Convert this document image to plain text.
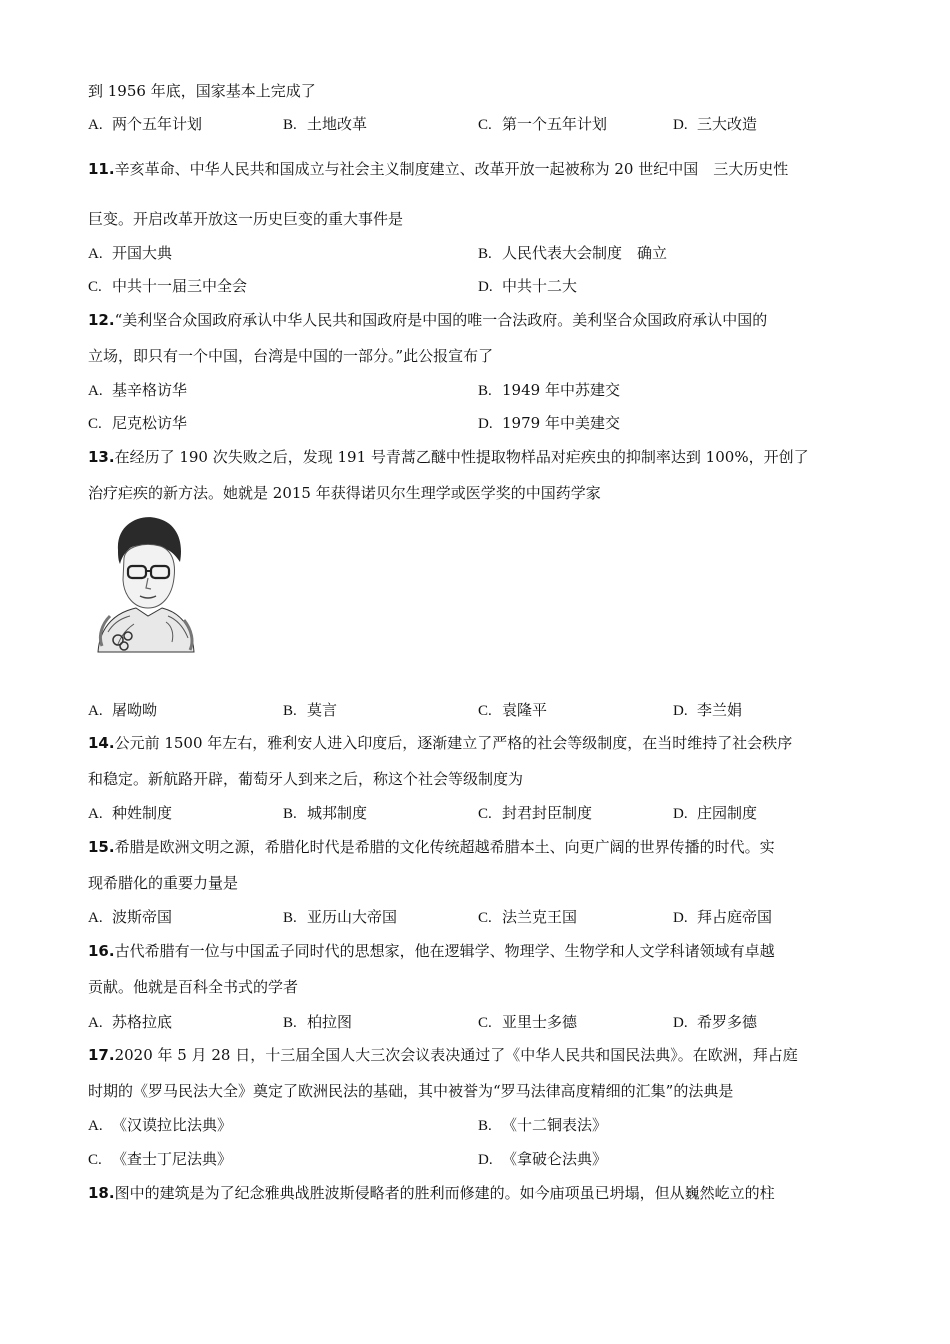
到 1956 年底，国家基本上完成了
A. 两个五年计划	B. 土地改革	C. 第一个五年计划	D. 三大改造
11.辛亥革命、中华人民共和国成立与社会主义制度建立、改革开放一起被称为 20 世纪中国　三大历史性
巨变。开启改革开放这一历史巨变的重大事件是
A. 开国大典	B. 人民代表大会制度　确立
C. 中共十一届三中全会	D. 中共十二大
12.“美利坚合众国政府承认中华人民共和国政府是中国的唯一合法政府。美利坚合众国政府承认中国的
立场，即只有一个中国，台湾是中国的一部分。”此公报宣布了
A. 基辛格访华	B. 1949 年中苏建交
C. 尼克松访华	D. 1979 年中美建交
13.在经历了 190 次失败之后，发现 191 号青蒿乙醚中性提取物样品对疟疾虫的抑制率达到 100%，开创了
治疗疟疾的新方法。她就是 2015 年获得诺贝尔生理学或医学奖的中国药学家
A. 屠呦呦	B. 莫言	C. 袁隆平	D. 李兰娟
14.公元前 1500 年左右，雅利安人进入印度后，逐渐建立了严格的社会等级制度，在当时维持了社会秩序
和稳定。新航路开辟，葡萄牙人到来之后，称这个社会等级制度为
A. 种姓制度	B. 城邦制度	C. 封君封臣制度	D. 庄园制度
15.希腊是欧洲文明之源，希腊化时代是希腊的文化传统超越希腊本土、向更广阔的世界传播的时代。实
现希腊化的重要力量是
A. 波斯帝国	B. 亚历山大帝国	C. 法兰克王国	D. 拜占庭帝国
16.古代希腊有一位与中国孟子同时代的思想家，他在逻辑学、物理学、生物学和人文学科诸领域有卓越
贡献。他就是百科全书式的学者
A. 苏格拉底	B. 柏拉图	C. 亚里士多德	D. 希罗多德
17.2020 年 5 月 28 日，十三届全国人大三次会议表决通过了《中华人民共和国民法典》。在欧洲，拜占庭
时期的《罗马民法大全》奠定了欧洲民法的基础，其中被誉为“罗马法律高度精细的汇集”的法典是
A. 《汉谟拉比法典》	B. 《十二铜表法》
C. 《查士丁尼法典》	D. 《拿破仑法典》
18.图中的建筑是为了纪念雅典战胜波斯侵略者的胜利而修建的。如今庙项虽已坍塌，但从巍然屹立的柱
